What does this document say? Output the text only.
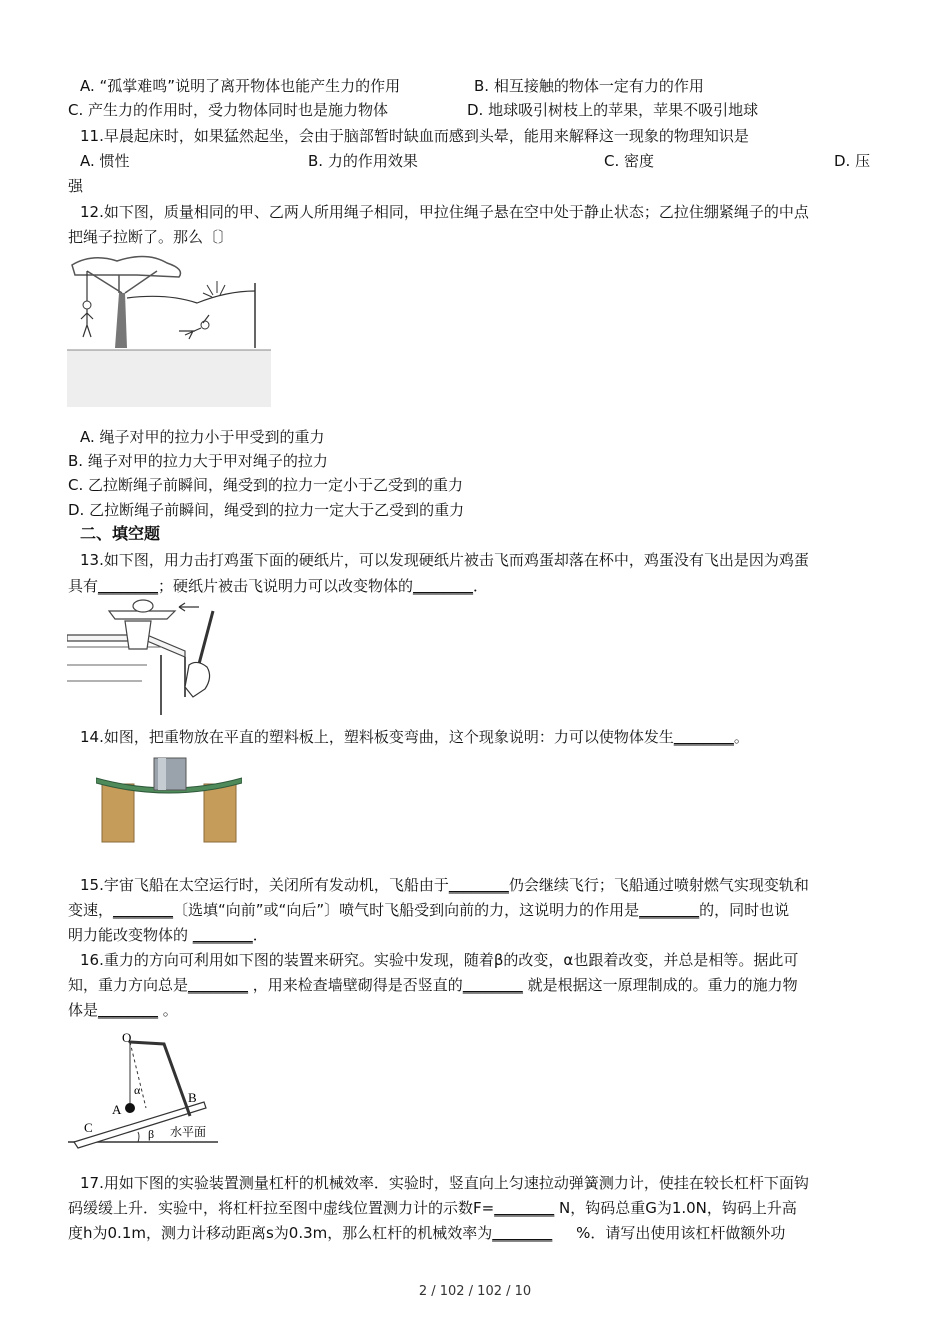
A. “孤掌难鸣”说明了离开物体也能产生力的作用	B. 相互接触的物体一定有力的作用
C. 产生力的作用时，受力物体同时也是施力物体	D. 地球吸引树枝上的苹果，苹果不吸引地球
11.早晨起床时，如果猛然起坐，会由于脑部暂时缺血而感到头晕，能用来解释这一现象的物理知识是
A. 惯性	B. 力的作用效果	C. 密度	D. 压
强
12.如下图，质量相同的甲、乙两人所用绳子相同，甲拉住绳子悬在空中处于静止状态；乙拉住绷紧绳子的中点
把绳子拉断了。那么〔〕
A. 绳子对甲的拉力小于甲受到的重力
B. 绳子对甲的拉力大于甲对绳子的拉力
C. 乙拉断绳子前瞬间，绳受到的拉力一定小于乙受到的重力
D. 乙拉断绳子前瞬间，绳受到的拉力一定大于乙受到的重力
二、填空题
13.如下图，用力击打鸡蛋下面的硬纸片，可以发现硬纸片被击飞而鸡蛋却落在杯中，鸡蛋没有飞出是因为鸡蛋
具有________；硬纸片被击飞说明力可以改变物体的________．
14.如图，把重物放在平直的塑料板上，塑料板变弯曲，这个现象说明：力可以使物体发生________。
15.宇宙飞船在太空运行时，关闭所有发动机，飞船由于________仍会继续飞行；飞船通过喷射燃气实现变轨和
变速，________〔选填“向前”或“向后”〕喷气时飞船受到向前的力，这说明力的作用是________的，同时也说
明力能改变物体的 ________．
16.重力的方向可利用如下图的装置来研究。实验中发现，随着β的改变，α也跟着改变，并总是相等。据此可
知，重力方向总是________ ，用来检查墙壁砌得是否竖直的________ 就是根据这一原理制成的。重力的施力物
体是________ 。
O
α
A
B
C	β 水平面
17.用如下图的实验装置测量杠杆的机械效率．实验时，竖直向上匀速拉动弹簧测力计，使挂在较长杠杆下面钩
码缓缓上升．实验中，将杠杆拉至图中虚线位置测力计的示数F=________ N，钩码总重G为1.0N，钩码上升高
度h为0.1m，测力计移动距离s为0.3m，那么杠杆的机械效率为________ %．请写出使用该杠杆做额外功
2 / 102 / 102 / 10
